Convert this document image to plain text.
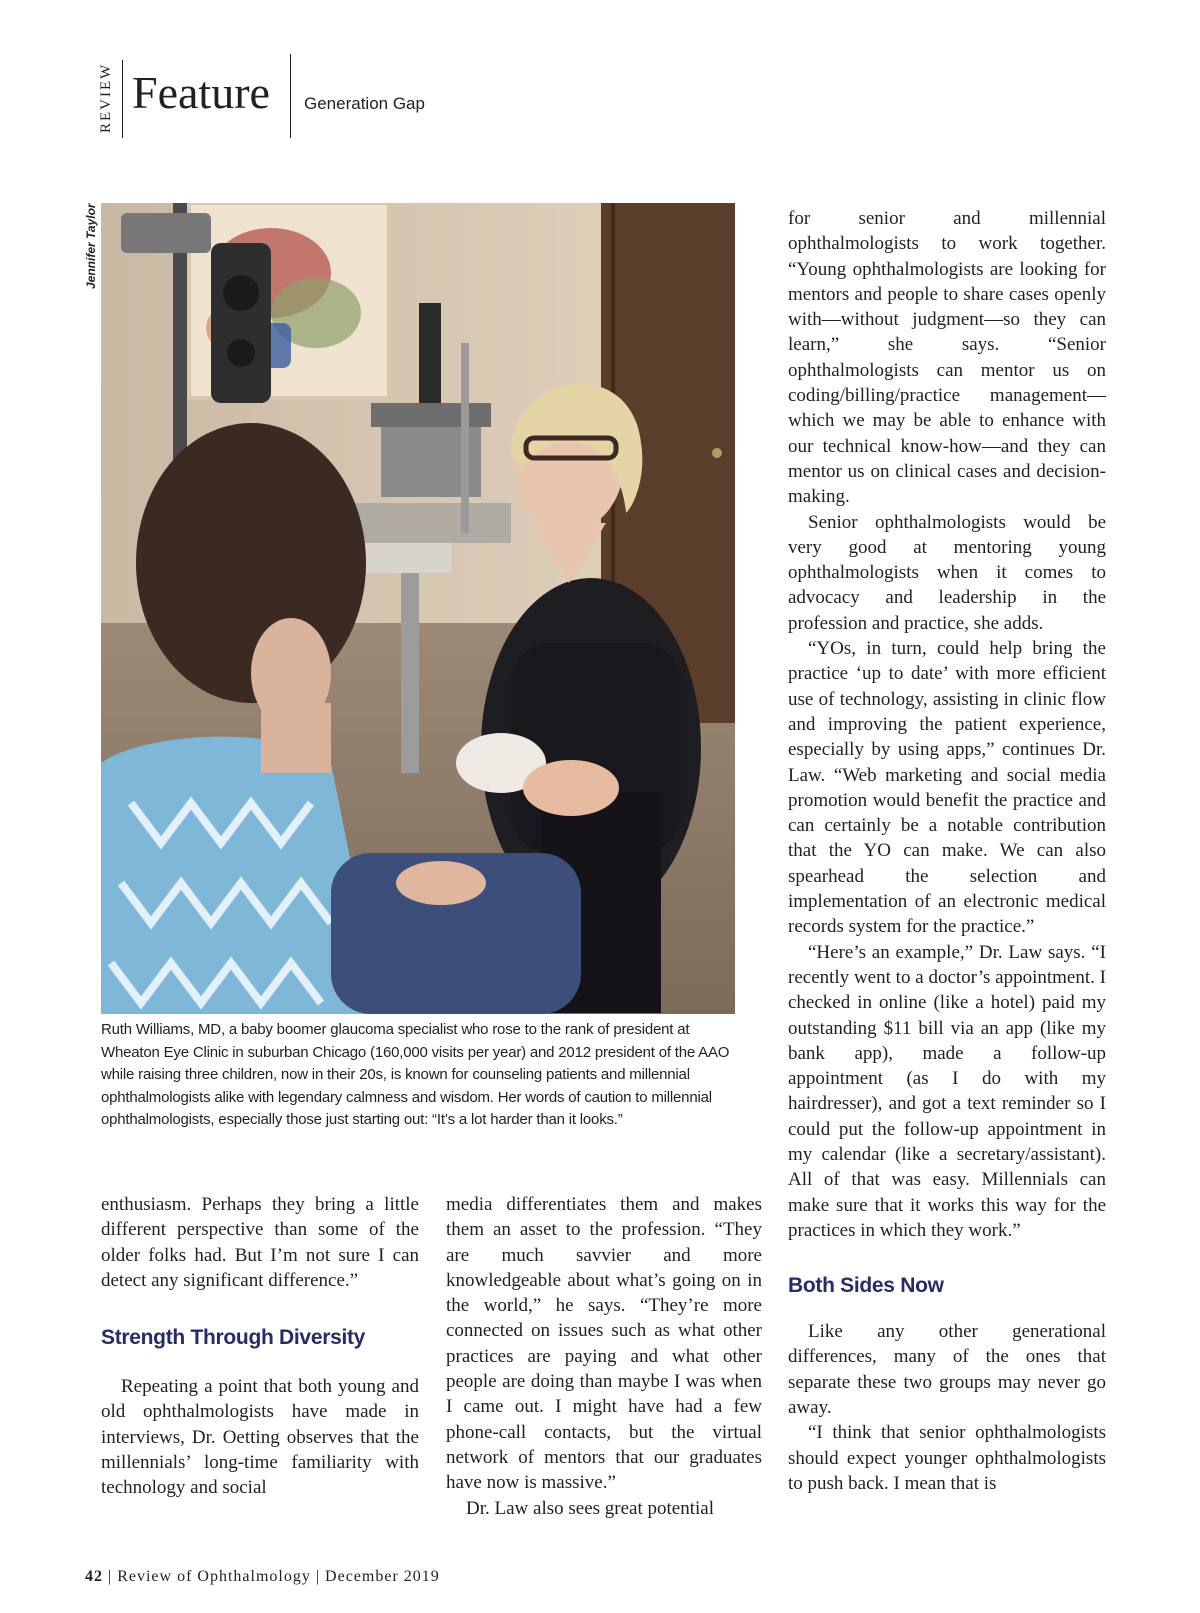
REVIEW Feature Generation Gap
Jennifer Taylor

Ruth Williams, MD, a baby boomer glaucoma specialist who rose to the rank of president at Wheaton Eye Clinic in suburban Chicago (160,000 visits per year) and 2012 president of the AAO while raising three children, now in their 20s, is known for counseling patients and millennial ophthalmologists alike with legendary calmness and wisdom. Her words of caution to millennial ophthalmologists, especially those just starting out: “It’s a lot harder than it looks.”

enthusiasm. Perhaps they bring a little different perspective than some of the older folks had. But I’m not sure I can detect any significant difference.”

Strength Through Diversity

Repeating a point that both young and old ophthalmologists have made in interviews, Dr. Oetting observes that the millennials’ long-time familiarity with technology and social

media differentiates them and makes them an asset to the profession. “They are much savvier and more knowledgeable about what’s going on in the world,” he says. “They’re more connected on issues such as what other practices are paying and what other people are doing than maybe I was when I came out. I might have had a few phone-call contacts, but the virtual network of mentors that our graduates have now is massive.”

Dr. Law also sees great potential

for senior and millennial ophthalmologists to work together. “Young ophthalmologists are looking for mentors and people to share cases openly with—without judgment—so they can learn,” she says. “Senior ophthalmologists can mentor us on coding/billing/practice management—which we may be able to enhance with our technical know-how—and they can mentor us on clinical cases and decision-making.

Senior ophthalmologists would be very good at mentoring young ophthalmologists when it comes to advocacy and leadership in the profession and practice, she adds.

“YOs, in turn, could help bring the practice ‘up to date’ with more efficient use of technology, assisting in clinic flow and improving the patient experience, especially by using apps,” continues Dr. Law. “Web marketing and social media promotion would benefit the practice and can certainly be a notable contribution that the YO can make. We can also spearhead the selection and implementation of an electronic medical records system for the practice.”

“Here’s an example,” Dr. Law says. “I recently went to a doctor’s appointment. I checked in online (like a hotel) paid my outstanding $11 bill via an app (like my bank app), made a follow-up appointment (as I do with my hairdresser), and got a text reminder so I could put the follow-up appointment in my calendar (like a secretary/assistant). All of that was easy. Millennials can make sure that it works this way for the practices in which they work.”

Both Sides Now

Like any other generational differences, many of the ones that separate these two groups may never go away.

“I think that senior ophthalmologists should expect younger ophthalmologists to push back. I mean that is

42 | Review of Ophthalmology | December 2019
